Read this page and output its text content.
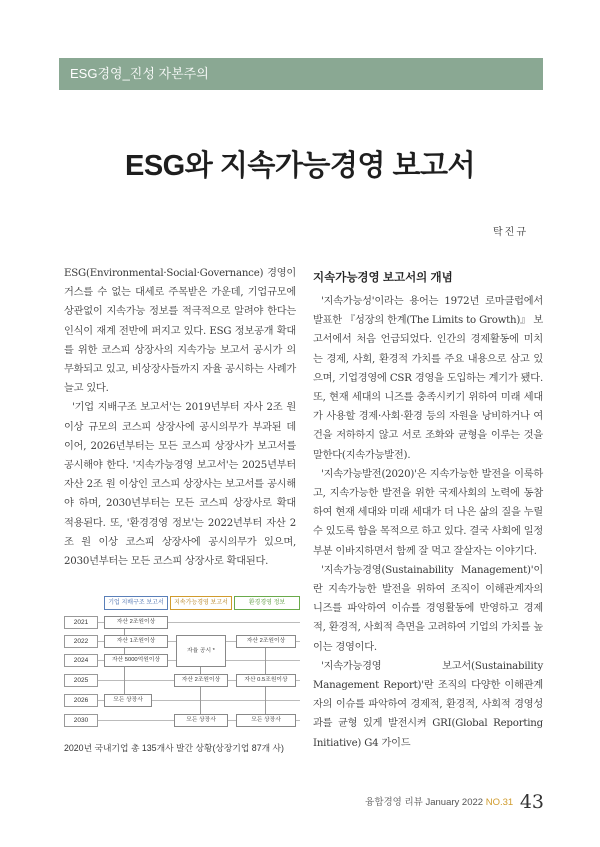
ESG경영_진성 자본주의
ESG와 지속가능경영 보고서
탁진규

ESG(Environmental·Social·Governance) 경영이 거스를 수 없는 대세로 주목받은 가운데, 기업규모에 상관없이 지속가능 정보를 적극적으로 알려야 한다는 인식이 재계 전반에 퍼지고 있다. ESG 정보공개 확대를 위한 코스피 상장사의 지속가능 보고서 공시가 의무화되고 있고, 비상장사들까지 자율 공시하는 사례가 늘고 있다.

'기업 지배구조 보고서'는 2019년부터 자사 2조 원 이상 규모의 코스피 상장사에 공시의무가 부과된 데 이어, 2026년부터는 모든 코스피 상장사가 보고서를 공시해야 한다. '지속가능경영 보고서'는 2025년부터 자산 2조 원 이상인 코스피 상장사는 보고서를 공시해야 하며, 2030년부터는 모든 코스피 상장사로 확대 적용된다. 또, '환경경영 정보'는 2022년부터 자산 2조 원 이상 코스피 상장사에 공시의무가 있으며, 2030년부터는 모든 코스피 상장사로 확대된다.

지속가능경영 보고서의 개념

'지속가능성'이라는 용어는 1972년 로마클럽에서 발표한 『성장의 한계(The Limits to Growth)』 보고서에서 처음 언급되었다. 인간의 경제활동에 미치는 경제, 사회, 환경적 가치를 주요 내용으로 삼고 있으며, 기업경영에 CSR 경영을 도입하는 계기가 됐다. 또, 현재 세대의 니즈를 충족시키기 위하여 미래 세대가 사용할 경제·사회·환경 등의 자원을 낭비하거나 여건을 저하하지 않고 서로 조화와 균형을 이루는 것을 말한다(지속가능발전).

'지속가능발전(2020)'은 지속가능한 발전을 이룩하고, 지속가능한 발전을 위한 국제사회의 노력에 동참하여 현재 세대와 미래 세대가 더 나은 삶의 질을 누릴 수 있도록 함을 목적으로 하고 있다. 결국 사회에 일정 부분 이바지하면서 함께 잘 먹고 잘살자는 이야기다.

'지속가능경영(Sustainability Management)'이란 지속가능한 발전을 위하여 조직이 이해관계자의 니즈를 파악하여 이슈를 경영활동에 반영하고 경제적, 환경적, 사회적 측면을 고려하여 기업의 가치를 높이는 경영이다.

'지속가능경영 보고서(Sustainability Management Report)'란 조직의 다양한 이해관계자의 이슈를 파악하여 경제적, 환경적, 사회적 경영성과를 균형 있게 발전시켜 GRI(Global Reporting Initiative) G4 가이드

기업 지배구조 보고서	지속가능경영 보고서	환경경영 정보
2021
2022
2024
2025
2026
2030
자산 2조원이상
자산 1조원이상
자산 5000억원이상
모든 상장사
자율 공시 *
자산 2조원이상
모든 상장사
자산 2조원이상
자산 0.5조원이상
모든 상장사
2020년 국내기업 총 135개사 발간 상황(상장기업 87개 사)
융합경영 리뷰 January 2022 NO.31 43
